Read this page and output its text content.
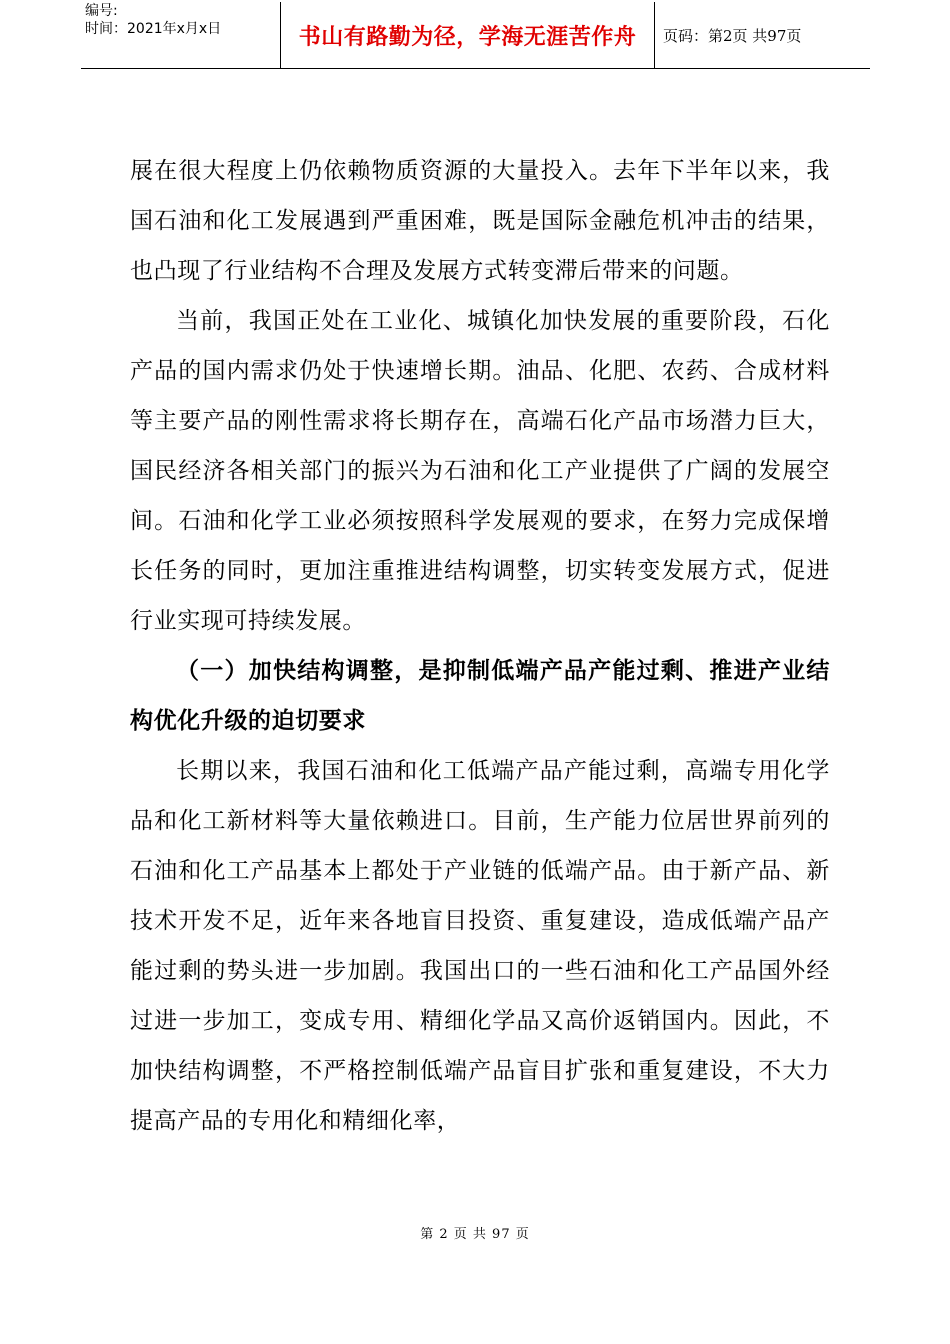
编号:
时间：2021年x月x日	书山有路勤为径，学海无涯苦作舟 页码：第2页 共97页

展在很大程度上仍依赖物质资源的大量投入。去年下半年以来，我国石油和化工发展遇到严重困难，既是国际金融危机冲击的结果，也凸现了行业结构不合理及发展方式转变滞后带来的问题。

当前，我国正处在工业化、城镇化加快发展的重要阶段，石化产品的国内需求仍处于快速增长期。油品、化肥、农药、合成材料等主要产品的刚性需求将长期存在，高端石化产品市场潜力巨大，国民经济各相关部门的振兴为石油和化工产业提供了广阔的发展空间。石油和化学工业必须按照科学发展观的要求，在努力完成保增长任务的同时，更加注重推进结构调整，切实转变发展方式，促进行业实现可持续发展。

（一）加快结构调整，是抑制低端产品产能过剩、推进产业结构优化升级的迫切要求

长期以来，我国石油和化工低端产品产能过剩，高端专用化学品和化工新材料等大量依赖进口。目前，生产能力位居世界前列的石油和化工产品基本上都处于产业链的低端产品。由于新产品、新技术开发不足，近年来各地盲目投资、重复建设，造成低端产品产能过剩的势头进一步加剧。我国出口的一些石油和化工产品国外经过进一步加工，变成专用、精细化学品又高价返销国内。因此，不加快结构调整，不严格控制低端产品盲目扩张和重复建设，不大力提高产品的专用化和精细化率，

第 2 页 共 97 页
